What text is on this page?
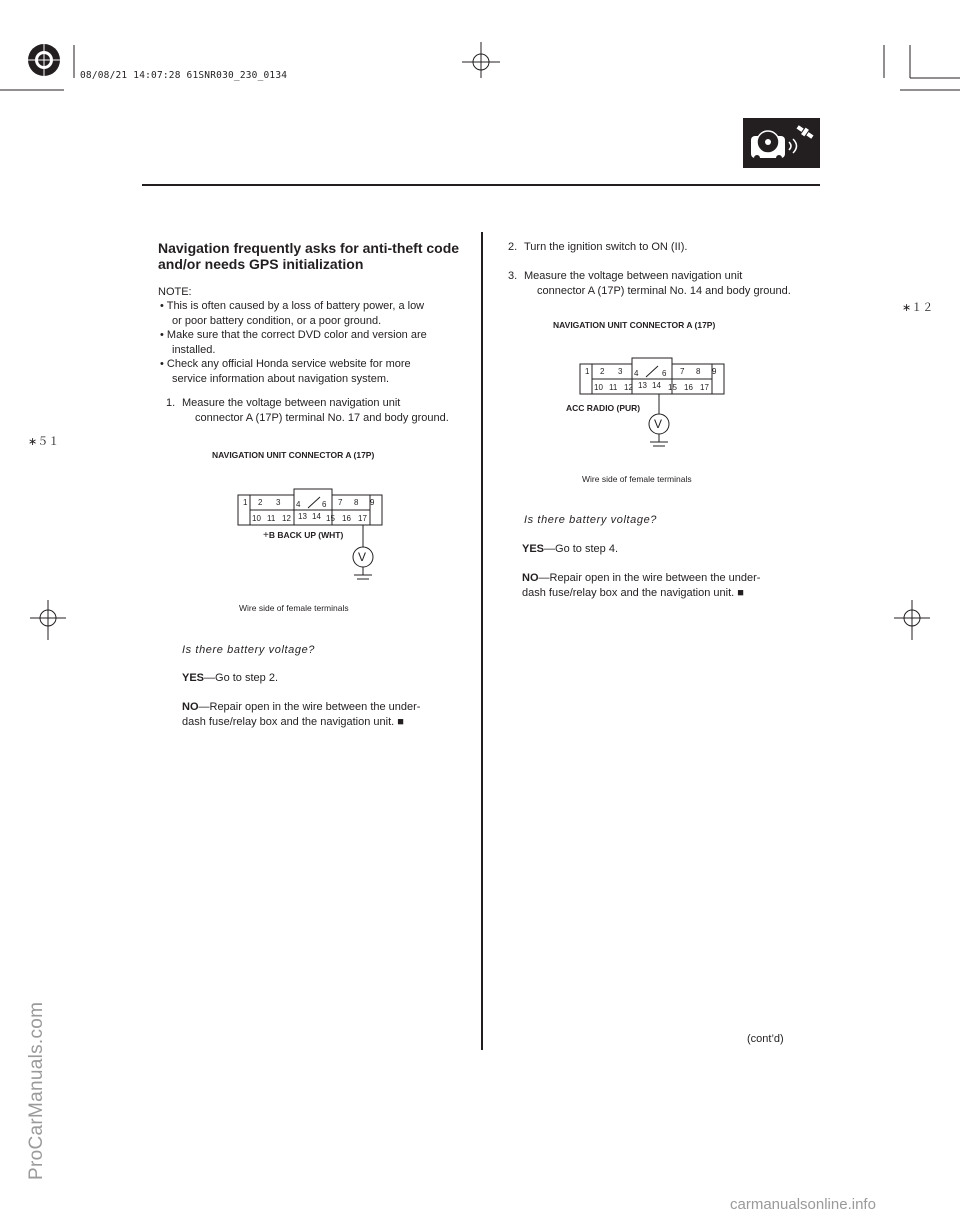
08/08/21 14:07:28 61SNR030_230_0134
Navigation frequently asks for anti-theft code and/or needs GPS initialization
NOTE:
• This is often caused by a loss of battery power, a low
or poor battery condition, or a poor ground.
• Make sure that the correct DVD color and version are
installed.
• Check any official Honda service website for more
service information about navigation system.
1. Measure the voltage between navigation unit
connector A (17P) terminal No. 17 and body ground.
NAVIGATION UNIT CONNECTOR A (17P)
V
1 2 3 4	6 7 8 9
10 11 12 13 14 15 16 17
+B BACK UP (WHT)
Wire side of female terminals
Is there battery voltage?
YES—Go to step 2.
NO—Repair open in the wire between the under-
dash fuse/relay box and the navigation unit. ■
2. Turn the ignition switch to ON (II).
3. Measure the voltage between navigation unit
connector A (17P) terminal No. 14 and body ground.
NAVIGATION UNIT CONNECTOR A (17P)
V
1 2 3 4	6 7 8 9
10 11 12 13 14 15 16 17
ACC RADIO (PUR)
Wire side of female terminals
Is there battery voltage?
YES—Go to step 4.
NO—Repair open in the wire between the under-
dash fuse/relay box and the navigation unit. ■
(cont’d)
∗５１
∗１２
ProCarManuals.com
carmanualsonline.info
